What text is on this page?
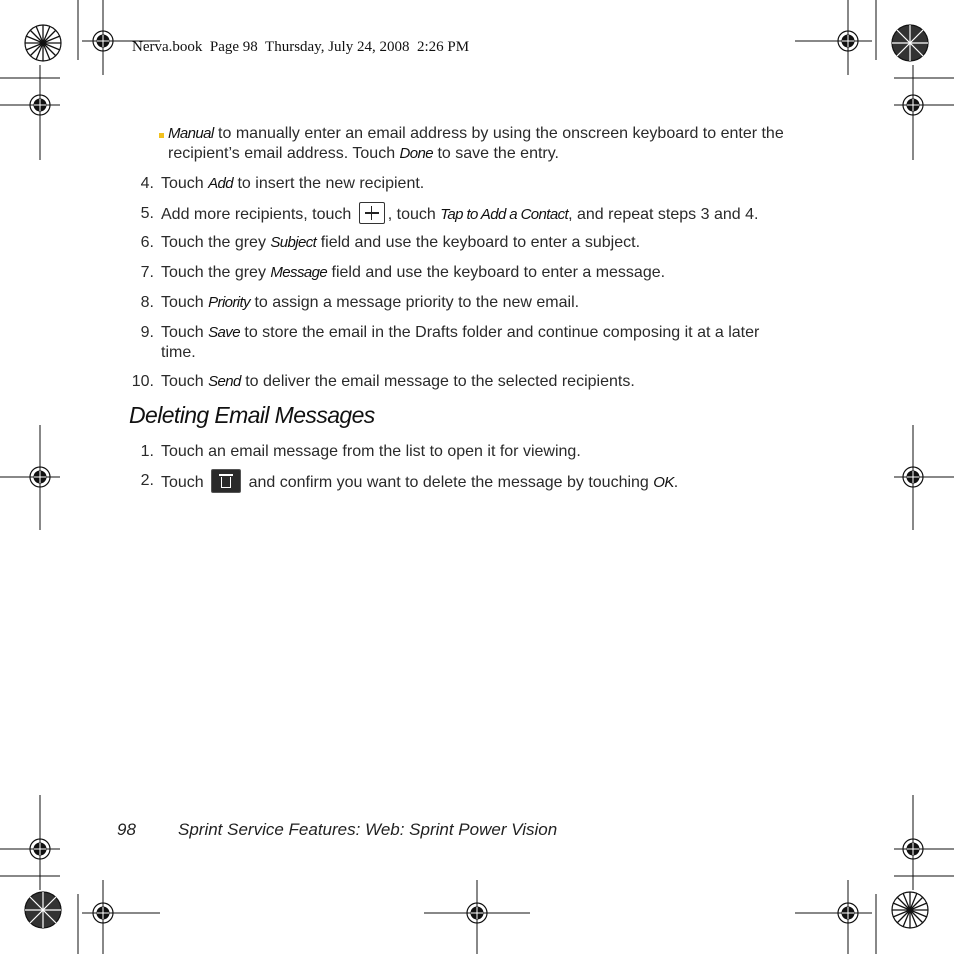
Nerva.book  Page 98  Thursday, July 24, 2008  2:26 PM
Manual to manually enter an email address by using the onscreen keyboard to enter the
recipient’s email address. Touch Done to save the entry.
4. Touch Add to insert the new recipient.
5. Add more recipients, touch , touch Tap to Add a Contact, and repeat steps 3 and 4.
6. Touch the grey Subject field and use the keyboard to enter a subject.
7. Touch the grey Message field and use the keyboard to enter a message.
8. Touch Priority to assign a message priority to the new email.
9. Touch Save to store the email in the Drafts folder and continue composing it at a later
time.
10. Touch Send to deliver the email message to the selected recipients.
Deleting Email Messages
1. Touch an email message from the list to open it for viewing.
2. Touch  and confirm you want to delete the message by touching OK.
98 Sprint Service Features: Web: Sprint Power Vision
